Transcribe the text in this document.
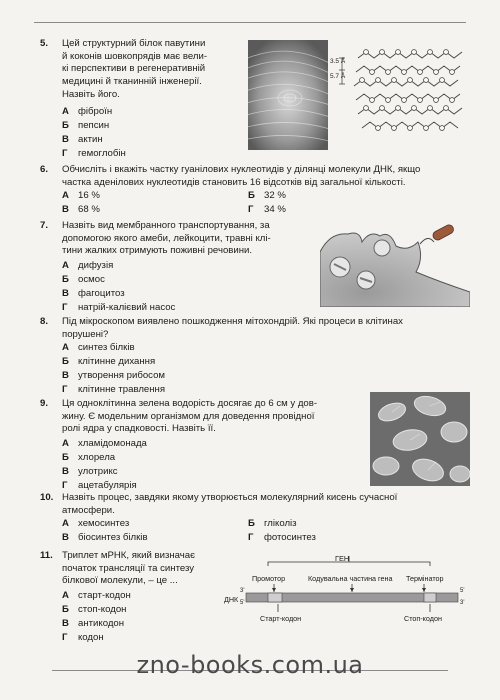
5.	Цей структурний білок павутини
й коконів шовкопрядів має вели-
кі перспективи в регенеративній
медицині й тканинній інженерії.
Назвіть його.
А фіброїн
Б пепсин
В актин
Г гемоглобін
3.5 Å
5.7 Å
6.	Обчисліть і вкажіть частку гуанілових нуклеотидів у ділянці молекули ДНК, якщо
частка аденілових нуклеотидів становить 16 відсотків від загальної кількості.
А 16 %	Б 32 %
В 68 %	Г 34 %
7.	Назвіть вид мембранного транспортування, за
допомогою якого амеби, лейкоцити, травні клі-
тини жалких отримують поживні речовини.
А дифузія
Б осмос
В фагоцитоз
Г натрій-калієвий насос
8.	Під мікроскопом виявлено пошкодження мітохондрій. Які процеси в клітинах
порушені?
А синтез білків
Б клітинне дихання
В утворення рибосом
Г клітинне травлення
9.	Ця одноклітинна зелена водорість досягає до 6 см у дов-
жину. Є модельним організмом для доведення провідної
ролі ядра у спадковості. Назвіть її.
А хламідомонада
Б хлорела
В улотрикс
Г ацетабулярія
10. Назвіть процес, завдяки якому утворюється молекулярний кисень сучасної
атмосфери.
А хемосинтез	Б гліколіз
В біосинтез білків	Г фотосинтез
11. Триплет мРНК, який визначає
початок трансляції та синтезу
білкової молекули, – це ...
А старт-кодон
Б стоп-кодон
В антикодон
Г кодон
ГЕН
Промотор	Кодувальна частина гена Термінатор
ДНК
3'
5'
5'
3'
Старт-кодон	Стоп-кодон
zno-books.com.ua
